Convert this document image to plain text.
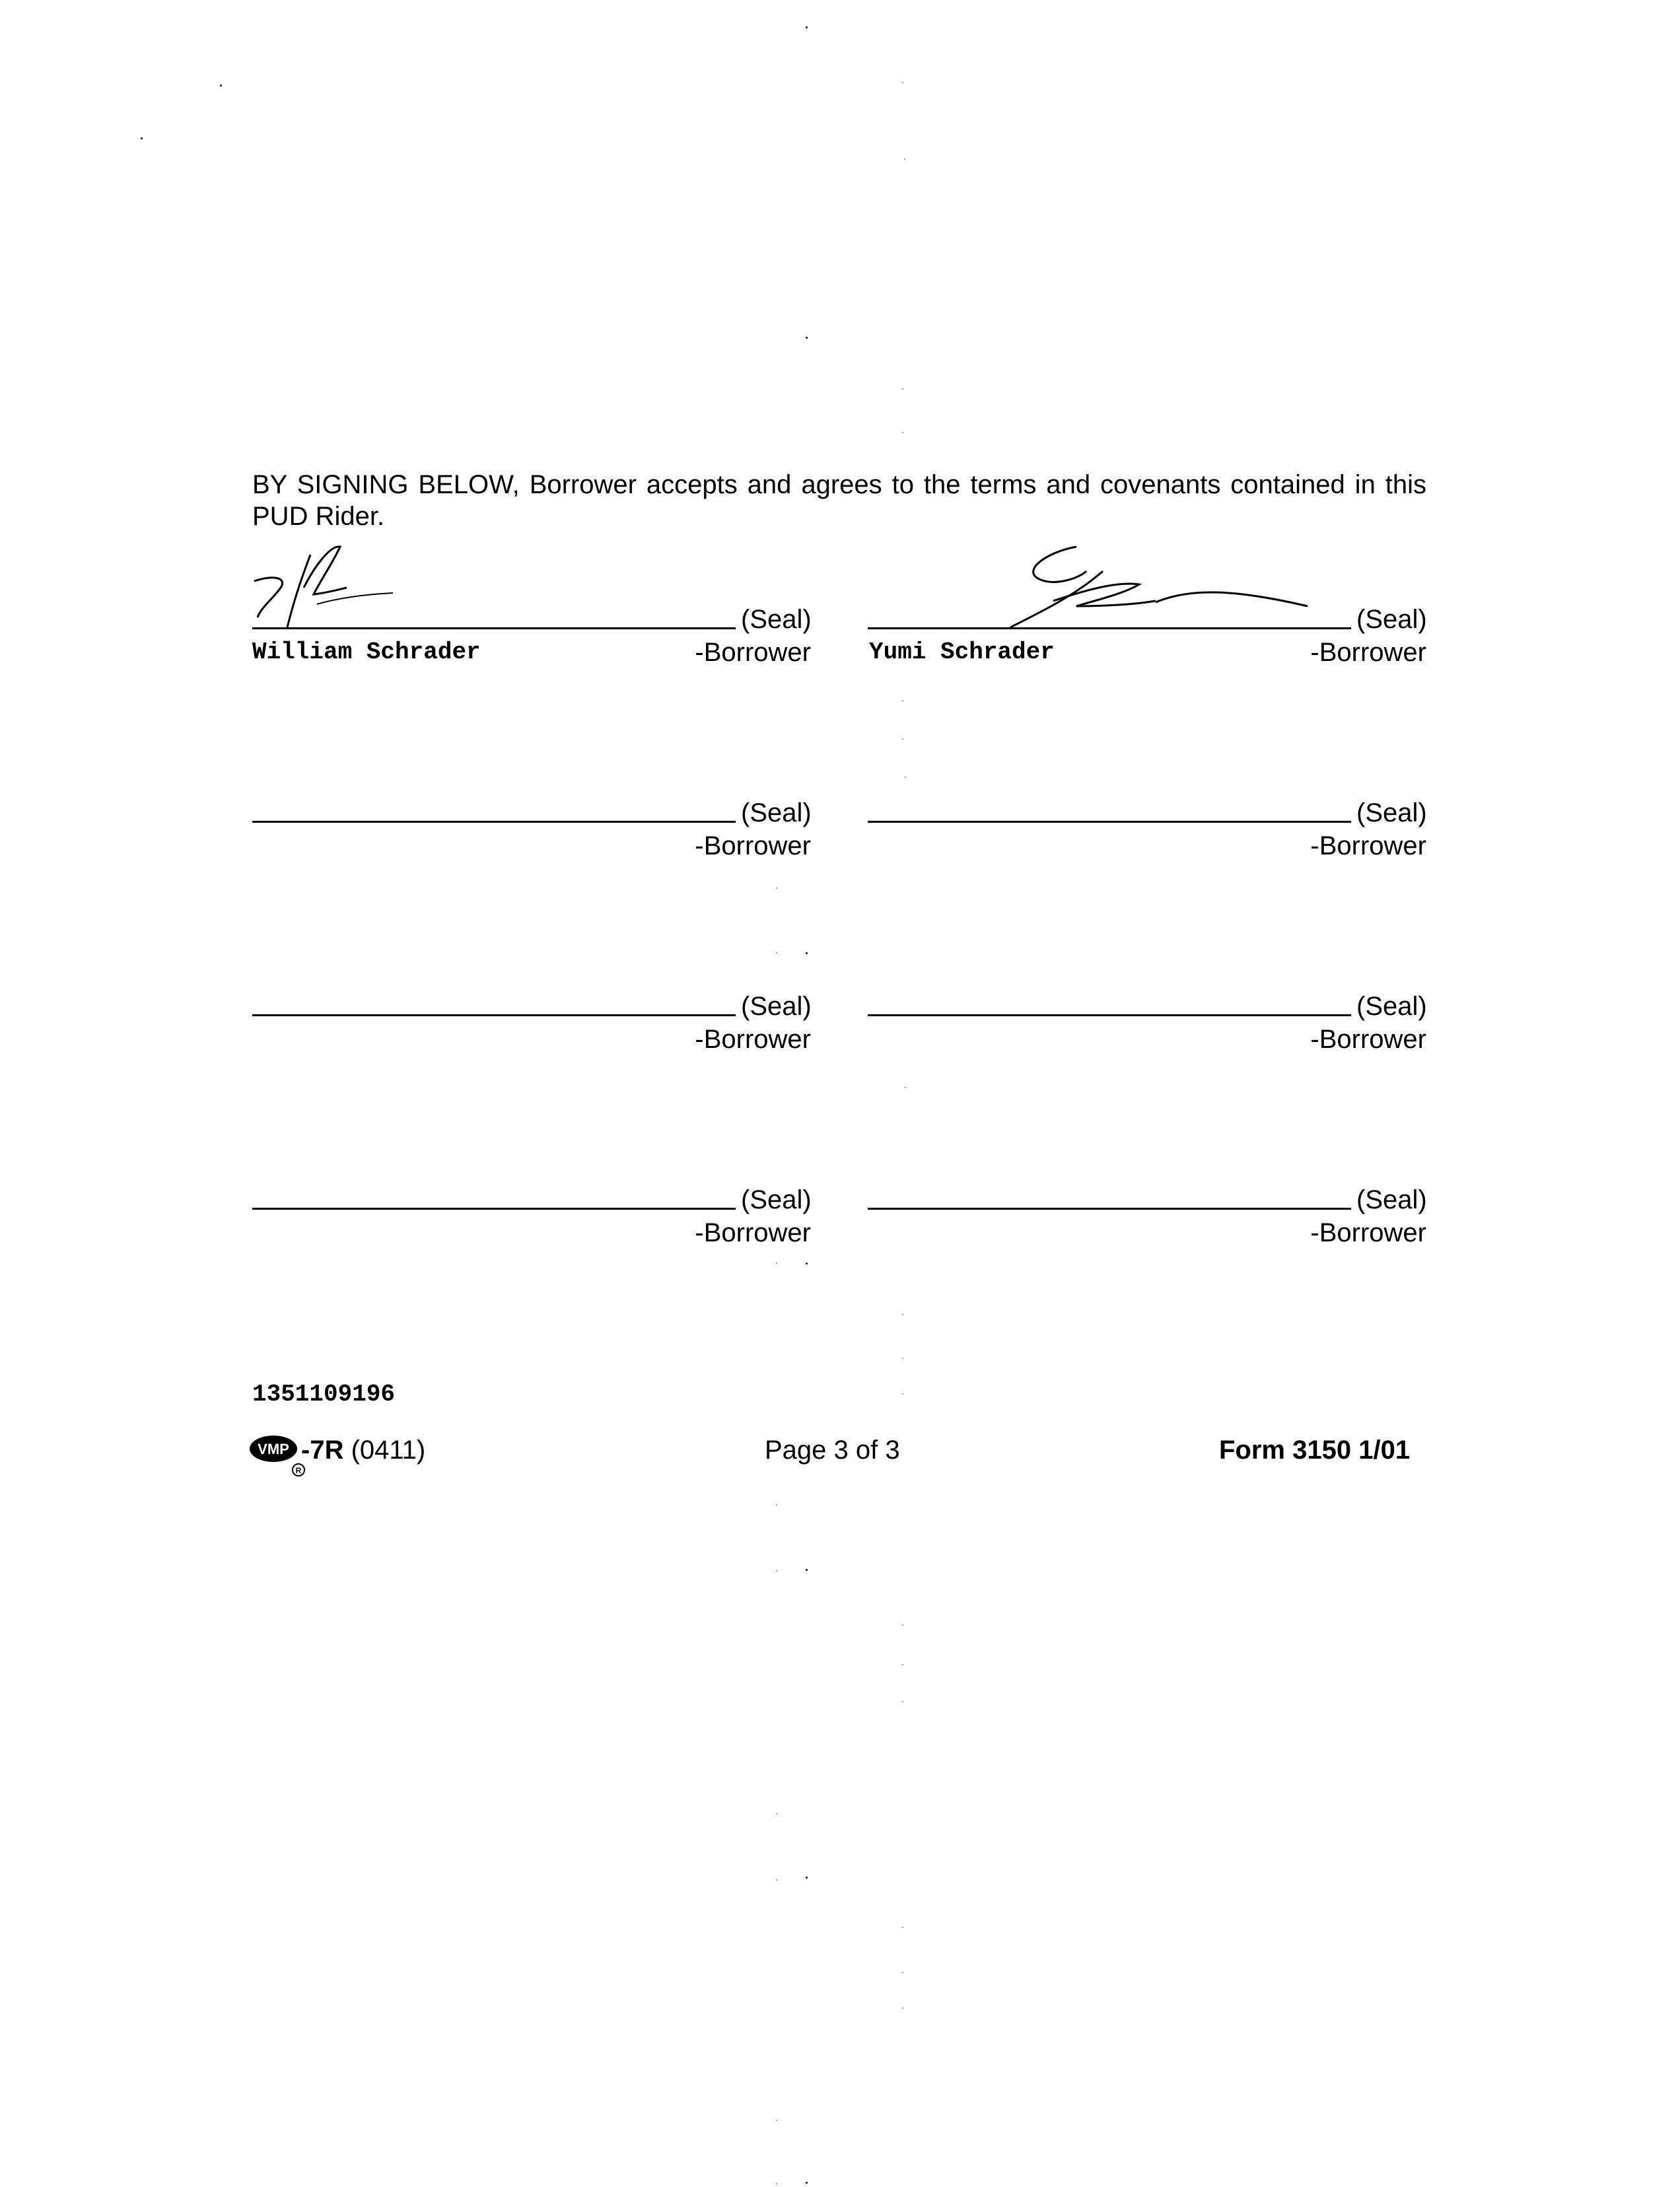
BY SIGNING BELOW, Borrower accepts and agrees to the terms and covenants contained in this PUD Rider.
(Seal)
William Schrader	-Borrower
(Seal)
Yumi Schrader	-Borrower
(Seal)
-Borrower
(Seal)
-Borrower
(Seal)
-Borrower
(Seal)
-Borrower
(Seal)
-Borrower
(Seal)
-Borrower
1351109196
VMP
R
-7R (0411)	Page 3 of 3	Form 3150 1/01
